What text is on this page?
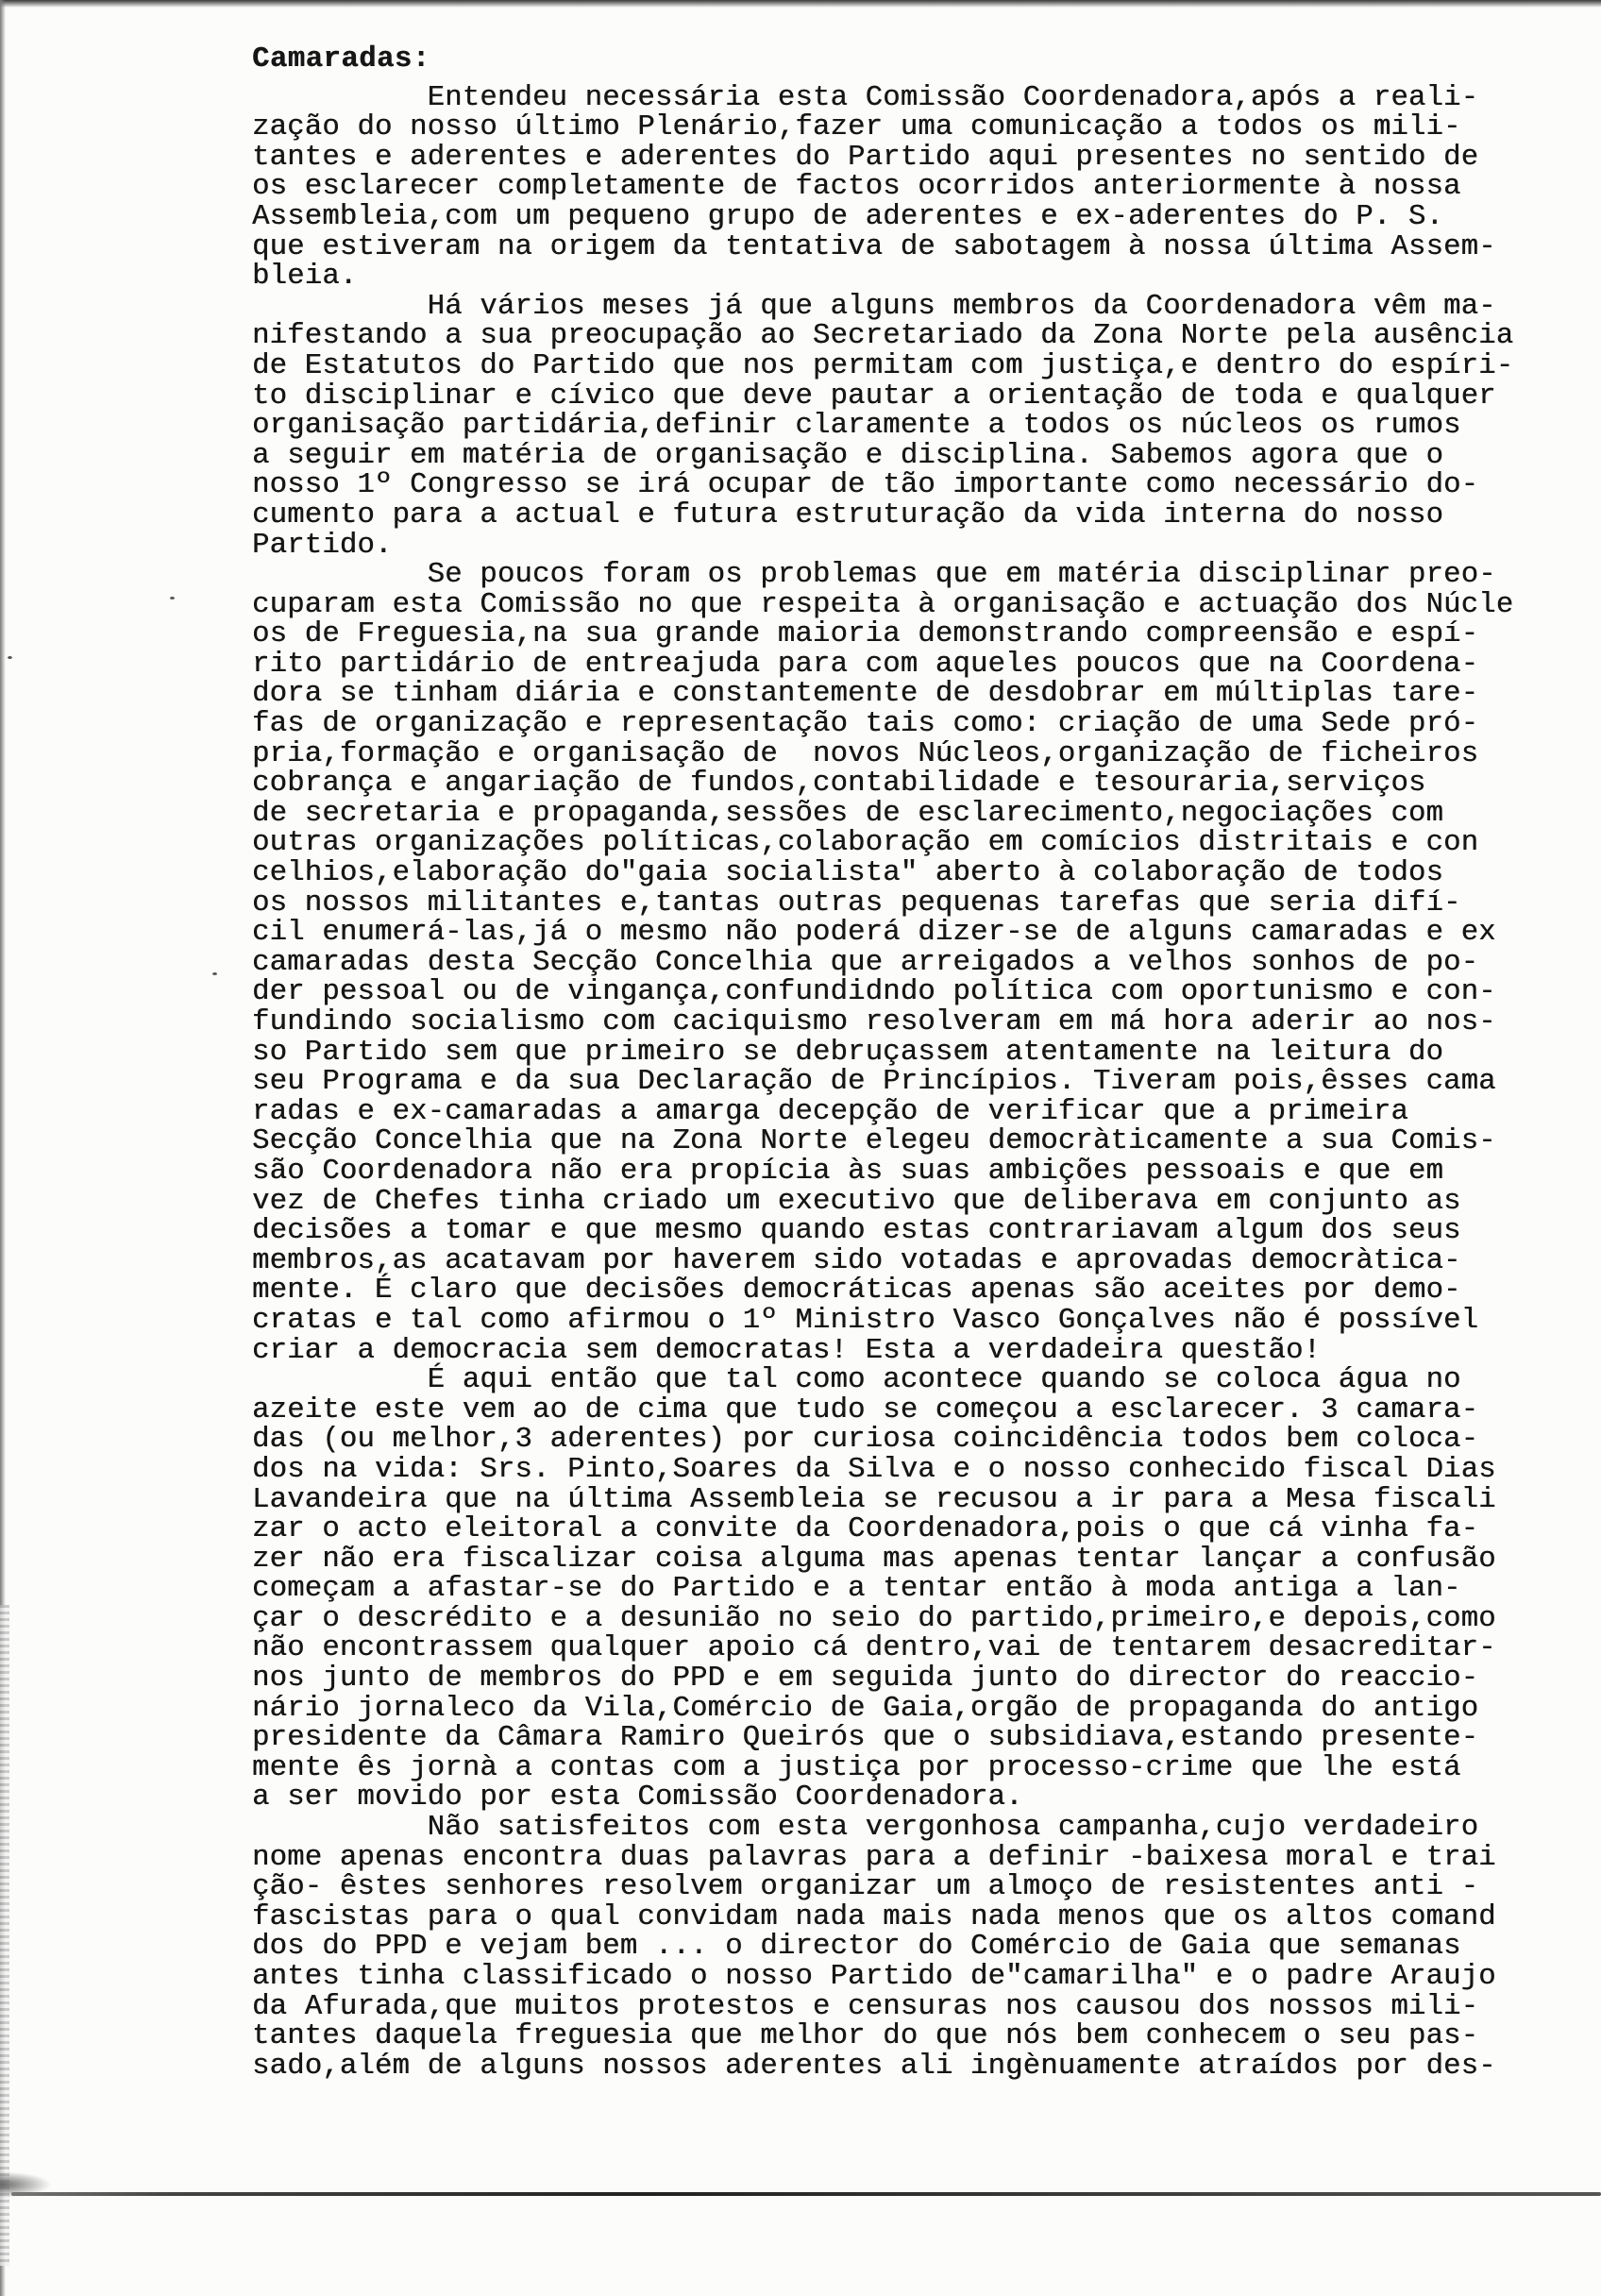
Camaradas:
Entendeu necessária esta Comissão Coordenadora,após a reali-
zação do nosso último Plenário,fazer uma comunicação a todos os mili-
tantes e aderentes e aderentes do Partido aqui presentes no sentido de
os esclarecer completamente de factos ocorridos anteriormente à nossa
Assembleia,com um pequeno grupo de aderentes e ex-aderentes do P. S.
que estiveram na origem da tentativa de sabotagem à nossa última Assem-
bleia.
Há vários meses já que alguns membros da Coordenadora vêm ma-
nifestando a sua preocupação ao Secretariado da Zona Norte pela ausência
de Estatutos do Partido que nos permitam com justiça,e dentro do espíri-
to disciplinar e cívico que deve pautar a orientação de toda e qualquer
organisação partidária,definir claramente a todos os núcleos os rumos
a seguir em matéria de organisação e disciplina. Sabemos agora que o
nosso 1º Congresso se irá ocupar de tão importante como necessário do-
cumento para a actual e futura estruturação da vida interna do nosso
Partido.
Se poucos foram os problemas que em matéria disciplinar preo-
cuparam esta Comissão no que respeita à organisação e actuação dos Núcle
os de Freguesia,na sua grande maioria demonstrando compreensão e espí-
rito partidário de entreajuda para com aqueles poucos que na Coordena-
dora se tinham diária e constantemente de desdobrar em múltiplas tare-
fas de organização e representação tais como: criação de uma Sede pró-
pria,formação e organisação de  novos Núcleos,organização de ficheiros
cobrança e angariação de fundos,contabilidade e tesouraria,serviços
de secretaria e propaganda,sessões de esclarecimento,negociações com
outras organizações políticas,colaboração em comícios distritais e con
celhios,elaboração do"gaia socialista" aberto à colaboração de todos
os nossos militantes e,tantas outras pequenas tarefas que seria difí-
cil enumerá-las,já o mesmo não poderá dizer-se de alguns camaradas e ex
camaradas desta Secção Concelhia que arreigados a velhos sonhos de po-
der pessoal ou de vingança,confundidndo política com oportunismo e con-
fundindo socialismo com caciquismo resolveram em má hora aderir ao nos-
so Partido sem que primeiro se debruçassem atentamente na leitura do
seu Programa e da sua Declaração de Princípios. Tiveram pois,êsses cama
radas e ex-camaradas a amarga decepção de verificar que a primeira
Secção Concelhia que na Zona Norte elegeu democràticamente a sua Comis-
são Coordenadora não era propícia às suas ambições pessoais e que em
vez de Chefes tinha criado um executivo que deliberava em conjunto as
decisões a tomar e que mesmo quando estas contrariavam algum dos seus
membros,as acatavam por haverem sido votadas e aprovadas democràtica-
mente. É claro que decisões democráticas apenas são aceites por demo-
cratas e tal como afirmou o 1º Ministro Vasco Gonçalves não é possível
criar a democracia sem democratas! Esta a verdadeira questão!
É aqui então que tal como acontece quando se coloca água no
azeite este vem ao de cima que tudo se começou a esclarecer. 3 camara-
das (ou melhor,3 aderentes) por curiosa coincidência todos bem coloca-
dos na vida: Srs. Pinto,Soares da Silva e o nosso conhecido fiscal Dias
Lavandeira que na última Assembleia se recusou a ir para a Mesa fiscali
zar o acto eleitoral a convite da Coordenadora,pois o que cá vinha fa-
zer não era fiscalizar coisa alguma mas apenas tentar lançar a confusão
começam a afastar-se do Partido e a tentar então à moda antiga a lan-
çar o descrédito e a desunião no seio do partido,primeiro,e depois,como
não encontrassem qualquer apoio cá dentro,vai de tentarem desacreditar-
nos junto de membros do PPD e em seguida junto do director do reaccio-
nário jornaleco da Vila,Comércio de Gaia,orgão de propaganda do antigo
presidente da Câmara Ramiro Queirós que o subsidiava,estando presente-
mente ês jornà a contas com a justiça por processo-crime que lhe está
a ser movido por esta Comissão Coordenadora.
Não satisfeitos com esta vergonhosa campanha,cujo verdadeiro
nome apenas encontra duas palavras para a definir -baixesa moral e trai
ção- êstes senhores resolvem organizar um almoço de resistentes anti -
fascistas para o qual convidam nada mais nada menos que os altos comand
dos do PPD e vejam bem ... o director do Comércio de Gaia que semanas
antes tinha classificado o nosso Partido de"camarilha" e o padre Araujo
da Afurada,que muitos protestos e censuras nos causou dos nossos mili-
tantes daquela freguesia que melhor do que nós bem conhecem o seu pas-
sado,além de alguns nossos aderentes ali ingènuamente atraídos por des-
